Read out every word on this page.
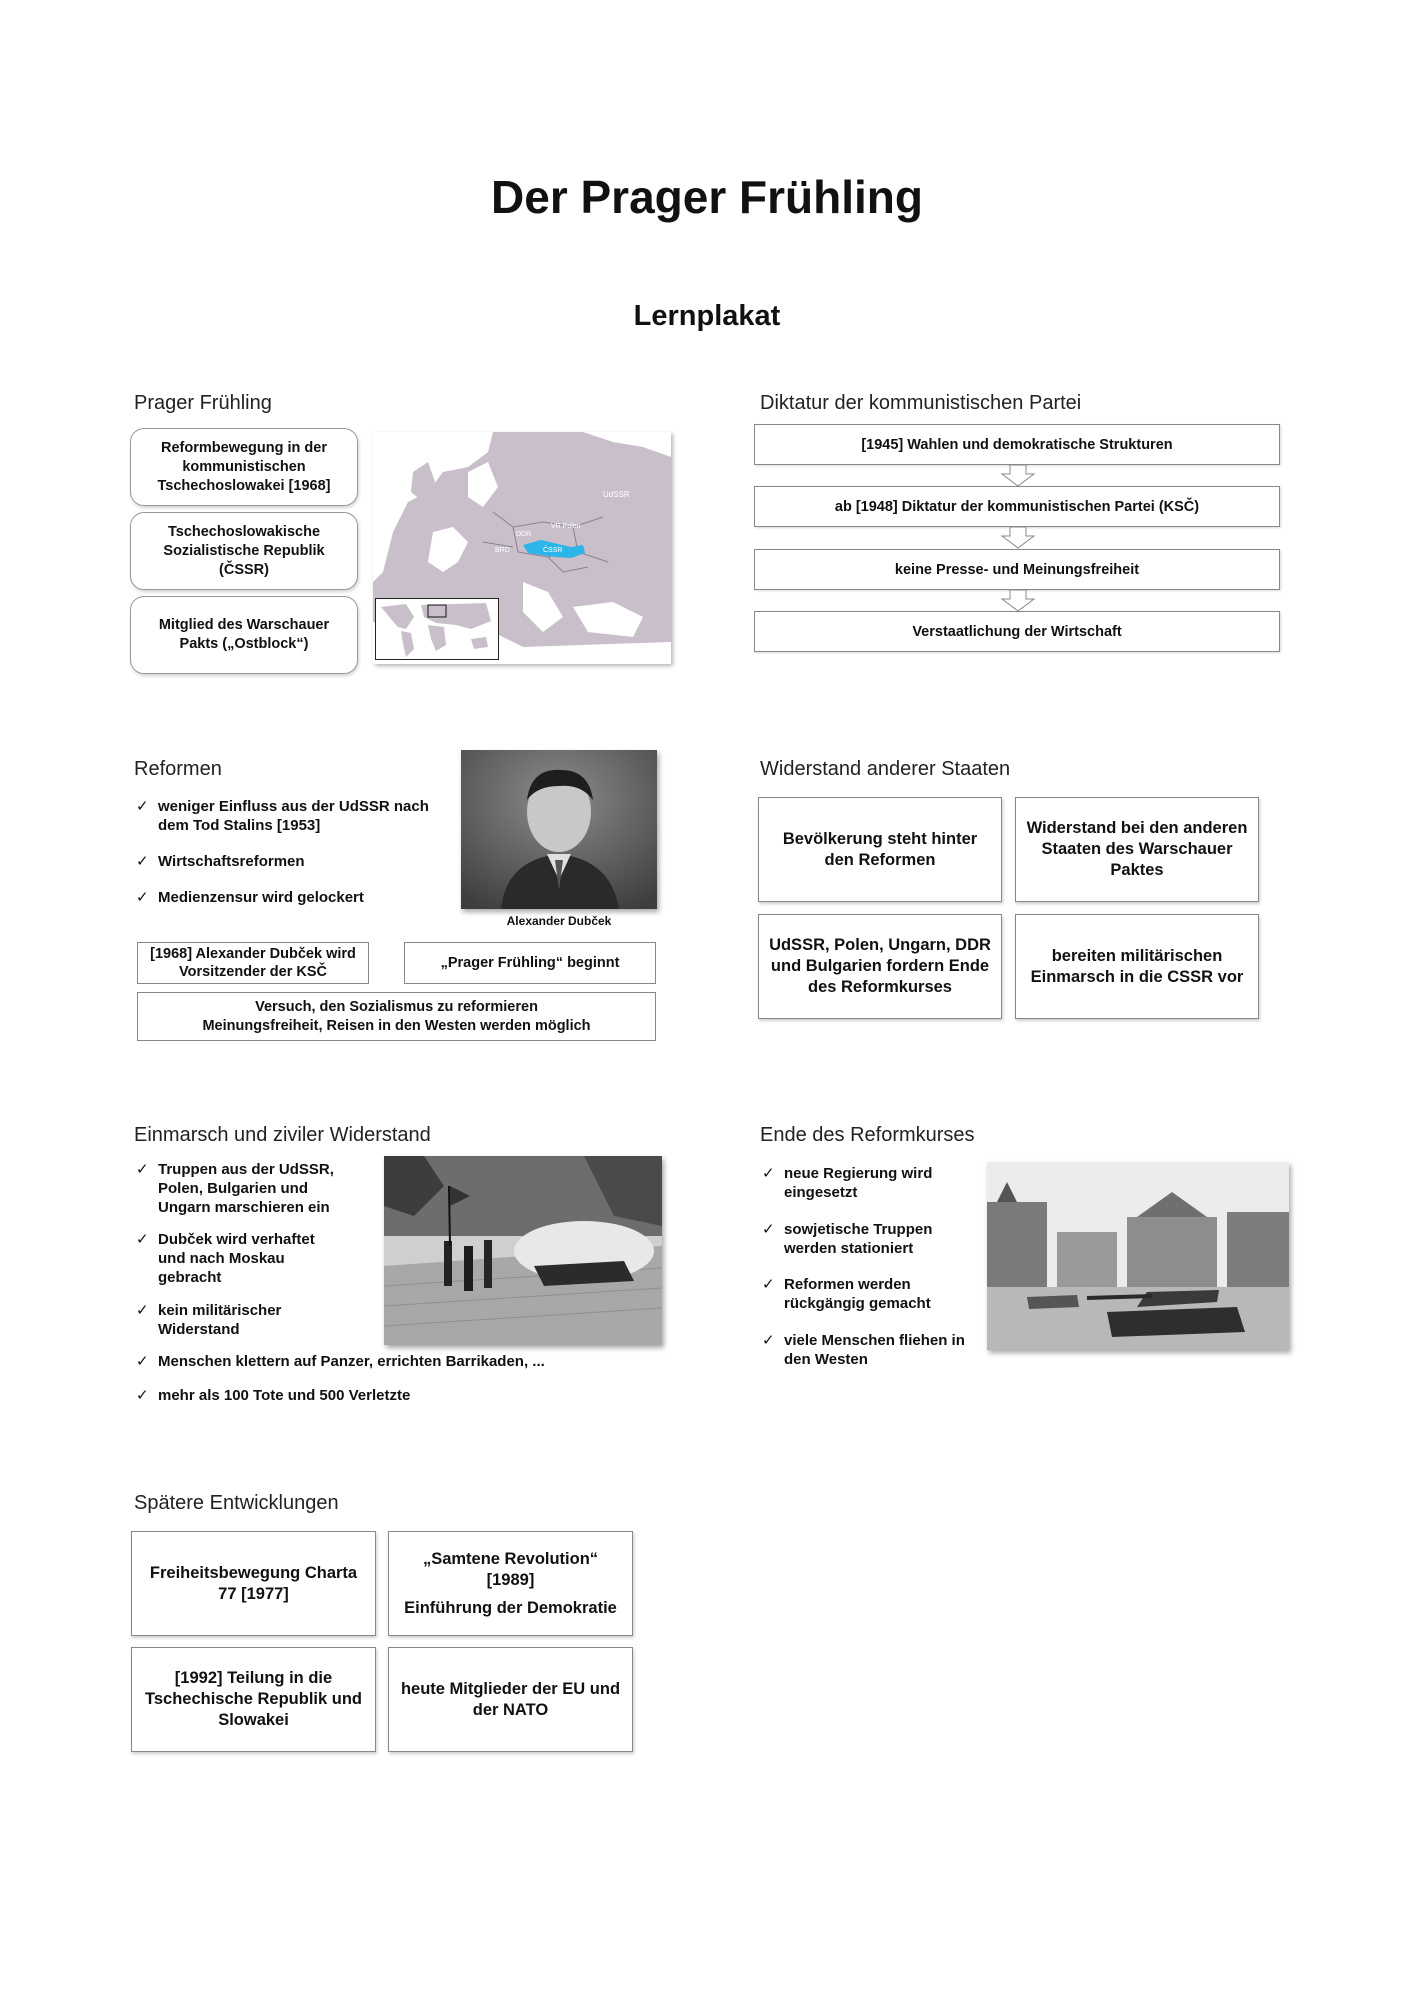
Der Prager Frühling
Lernplakat
Prager Frühling
Reformbewegung in der kommunistischen Tschechoslowakei [1968]
Tschechoslowakische Sozialistische Republik (ČSSR)
Mitglied des Warschauer Pakts („Ostblock“)
UdSSR
VR Polen
DDR
BRD	ČSSR
Diktatur der kommunistischen Partei
[1945] Wahlen und demokratische Strukturen
ab [1948] Diktatur der kommunistischen Partei (KSČ)
keine Presse- und Meinungsfreiheit
Verstaatlichung der Wirtschaft
Reformen
✓ weniger Einfluss aus der UdSSR nach dem Tod Stalins [1953]
✓ Wirtschaftsreformen
✓ Medienzensur wird gelockert
Alexander Dubček
[1968] Alexander Dubček wird Vorsitzender der KSČ
„Prager Frühling“ beginnt
Versuch, den Sozialismus zu reformieren
Meinungsfreiheit, Reisen in den Westen werden möglich
Widerstand anderer Staaten
Bevölkerung steht hinter den Reformen
Widerstand bei den anderen Staaten des Warschauer Paktes
UdSSR, Polen, Ungarn, DDR und Bulgarien fordern Ende des Reformkurses
bereiten militärischen Einmarsch in die CSSR vor
Einmarsch und ziviler Widerstand
✓ Truppen aus der UdSSR, Polen, Bulgarien und Ungarn marschieren ein
✓ Dubček wird verhaftet und nach Moskau gebracht
✓ kein militärischer Widerstand
✓ Menschen klettern auf Panzer, errichten Barrikaden, ...
✓ mehr als 100 Tote und 500 Verletzte
Ende des Reformkurses
✓ neue Regierung wird eingesetzt
✓ sowjetische Truppen werden stationiert
✓ Reformen werden rückgängig gemacht
✓ viele Menschen fliehen in den Westen
Spätere Entwicklungen
Freiheitsbewegung Charta 77 [1977]
„Samtene Revolution“ [1989]
Einführung der Demokratie
[1992] Teilung in die Tschechische Republik und Slowakei
heute Mitglieder der EU und der NATO
